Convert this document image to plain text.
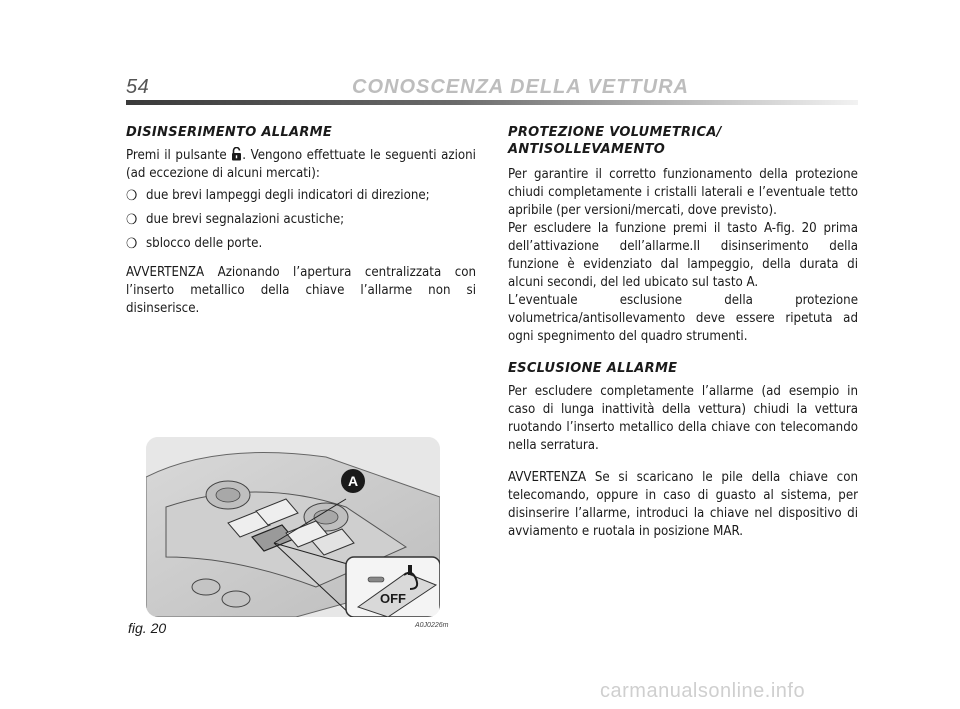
54	CONOSCENZA DELLA VETTURA
DISINSERIMENTO ALLARME

Premi il pulsante . Vengono effettuate le seguenti azioni (ad eccezione di alcuni mercati):

❍ due brevi lampeggi degli indicatori di direzione;
❍ due brevi segnalazioni acustiche;
❍ sblocco delle porte.

AVVERTENZA Azionando l’apertura centralizzata con l’inserto metallico della chiave l’allarme non si disinserisce.

PROTEZIONE VOLUMETRICA/
ANTISOLLEVAMENTO

Per garantire il corretto funzionamento della protezione chiudi completamente i cristalli laterali e l’eventuale tetto apribile (per versioni/mercati, dove previsto).

Per escludere la funzione premi il tasto A-fig. 20 prima dell’attivazione dell’allarme.Il disinserimento della funzione è evidenziato dal lampeggio, della durata di alcuni secondi, del led ubicato sul tasto A.

L’eventuale esclusione della protezione volumetrica/antisollevamento deve essere ripetuta ad ogni spegnimento del quadro strumenti.

ESCLUSIONE ALLARME

Per escludere completamente l’allarme (ad esempio in caso di lunga inattività della vettura) chiudi la vettura ruotando l’inserto metallico della chiave con telecomando nella serratura.

AVVERTENZA Se si scaricano le pile della chiave con telecomando, oppure in caso di guasto al sistema, per disinserire l’allarme, introduci la chiave nel dispositivo di avviamento e ruotala in posizione MAR.

A
OFF
fig. 20	A0J0226m
carmanualsonline.info
